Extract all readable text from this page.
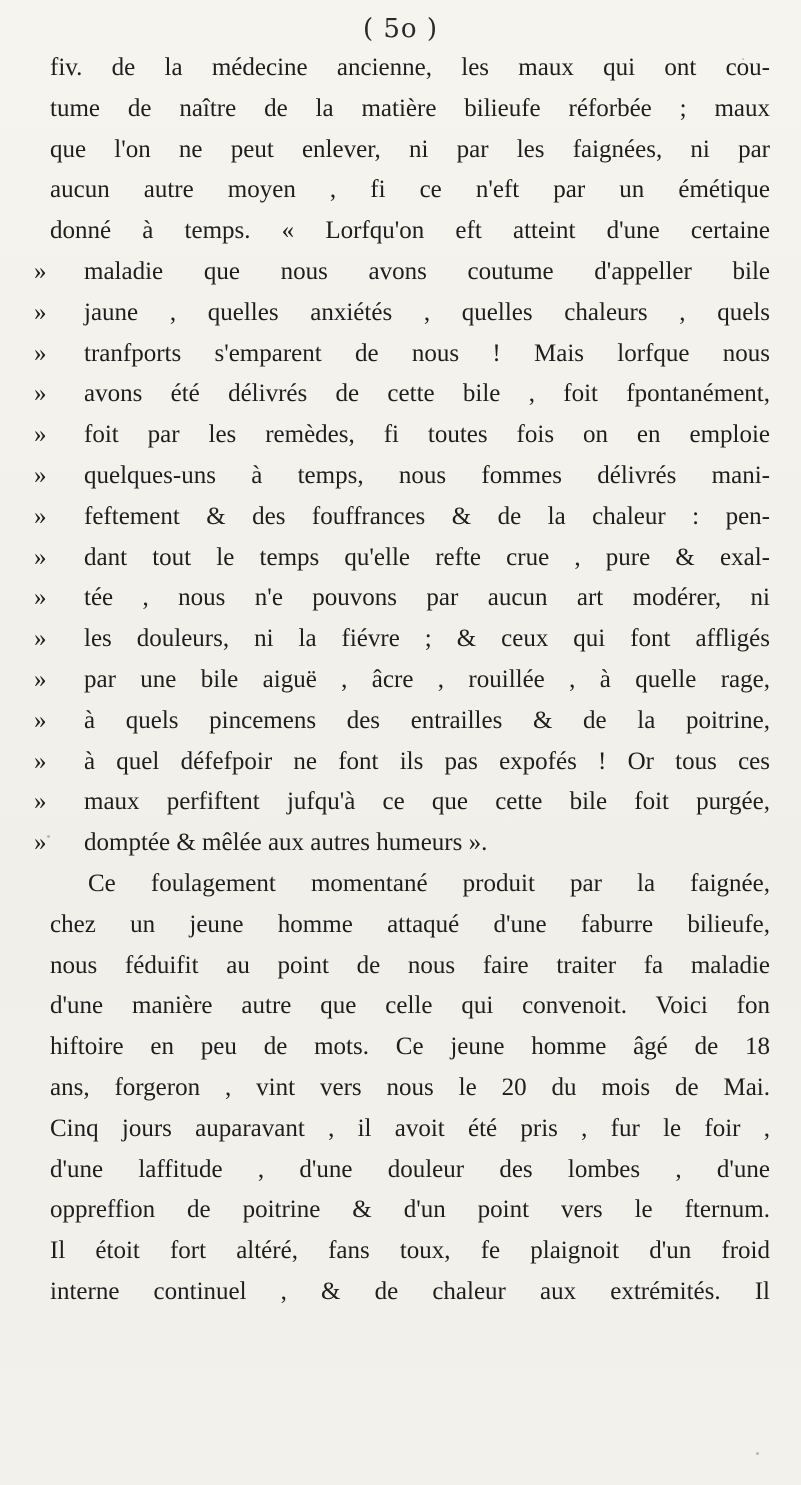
( 5o )
fiv. de la médecine ancienne, les maux qui ont cou-
tume de naître de la matière bilieufe réforbée ; maux
que l'on ne peut enlever, ni par les faignées, ni par
aucun autre moyen , fi ce n'eft par un émétique
donné à temps. « Lorfqu'on eft atteint d'une certaine
»	maladie que nous avons coutume d'appeller bile
»	jaune , quelles anxiétés , quelles chaleurs , quels
»	tranfports s'emparent de nous ! Mais lorfque nous
»	avons été délivrés de cette bile , foit fpontanément,
»	foit par les remèdes, fi toutes fois on en emploie
»	quelques-uns à temps, nous fommes délivrés mani-
»	feftement & des fouffrances & de la chaleur : pen-
»	dant tout le temps qu'elle refte crue , pure & exal-
»	tée , nous n'e pouvons par aucun art modérer, ni
»	les douleurs, ni la fiévre ; & ceux qui font affligés
»	par une bile aiguë , âcre , rouillée , à quelle rage,
»	à quels pincemens des entrailles & de la poitrine,
»	à quel défefpoir ne font ils pas expofés ! Or tous ces
»	maux perfiftent jufqu'à ce que cette bile foit purgée,
»	domptée & mêlée aux autres humeurs ».
Ce foulagement momentané produit par la faignée,
chez un jeune homme attaqué d'une faburre bilieufe,
nous féduifit au point de nous faire traiter fa maladie
d'une manière autre que celle qui convenoit. Voici fon
hiftoire en peu de mots. Ce jeune homme âgé de 18
ans, forgeron , vint vers nous le 20 du mois de Mai.
Cinq jours auparavant , il avoit été pris , fur le foir ,
d'une laffitude , d'une douleur des lombes , d'une
oppreffion de poitrine & d'un point vers le fternum.
Il étoit fort altéré, fans toux, fe plaignoit d'un froid
interne continuel , & de chaleur aux extrémités. Il
